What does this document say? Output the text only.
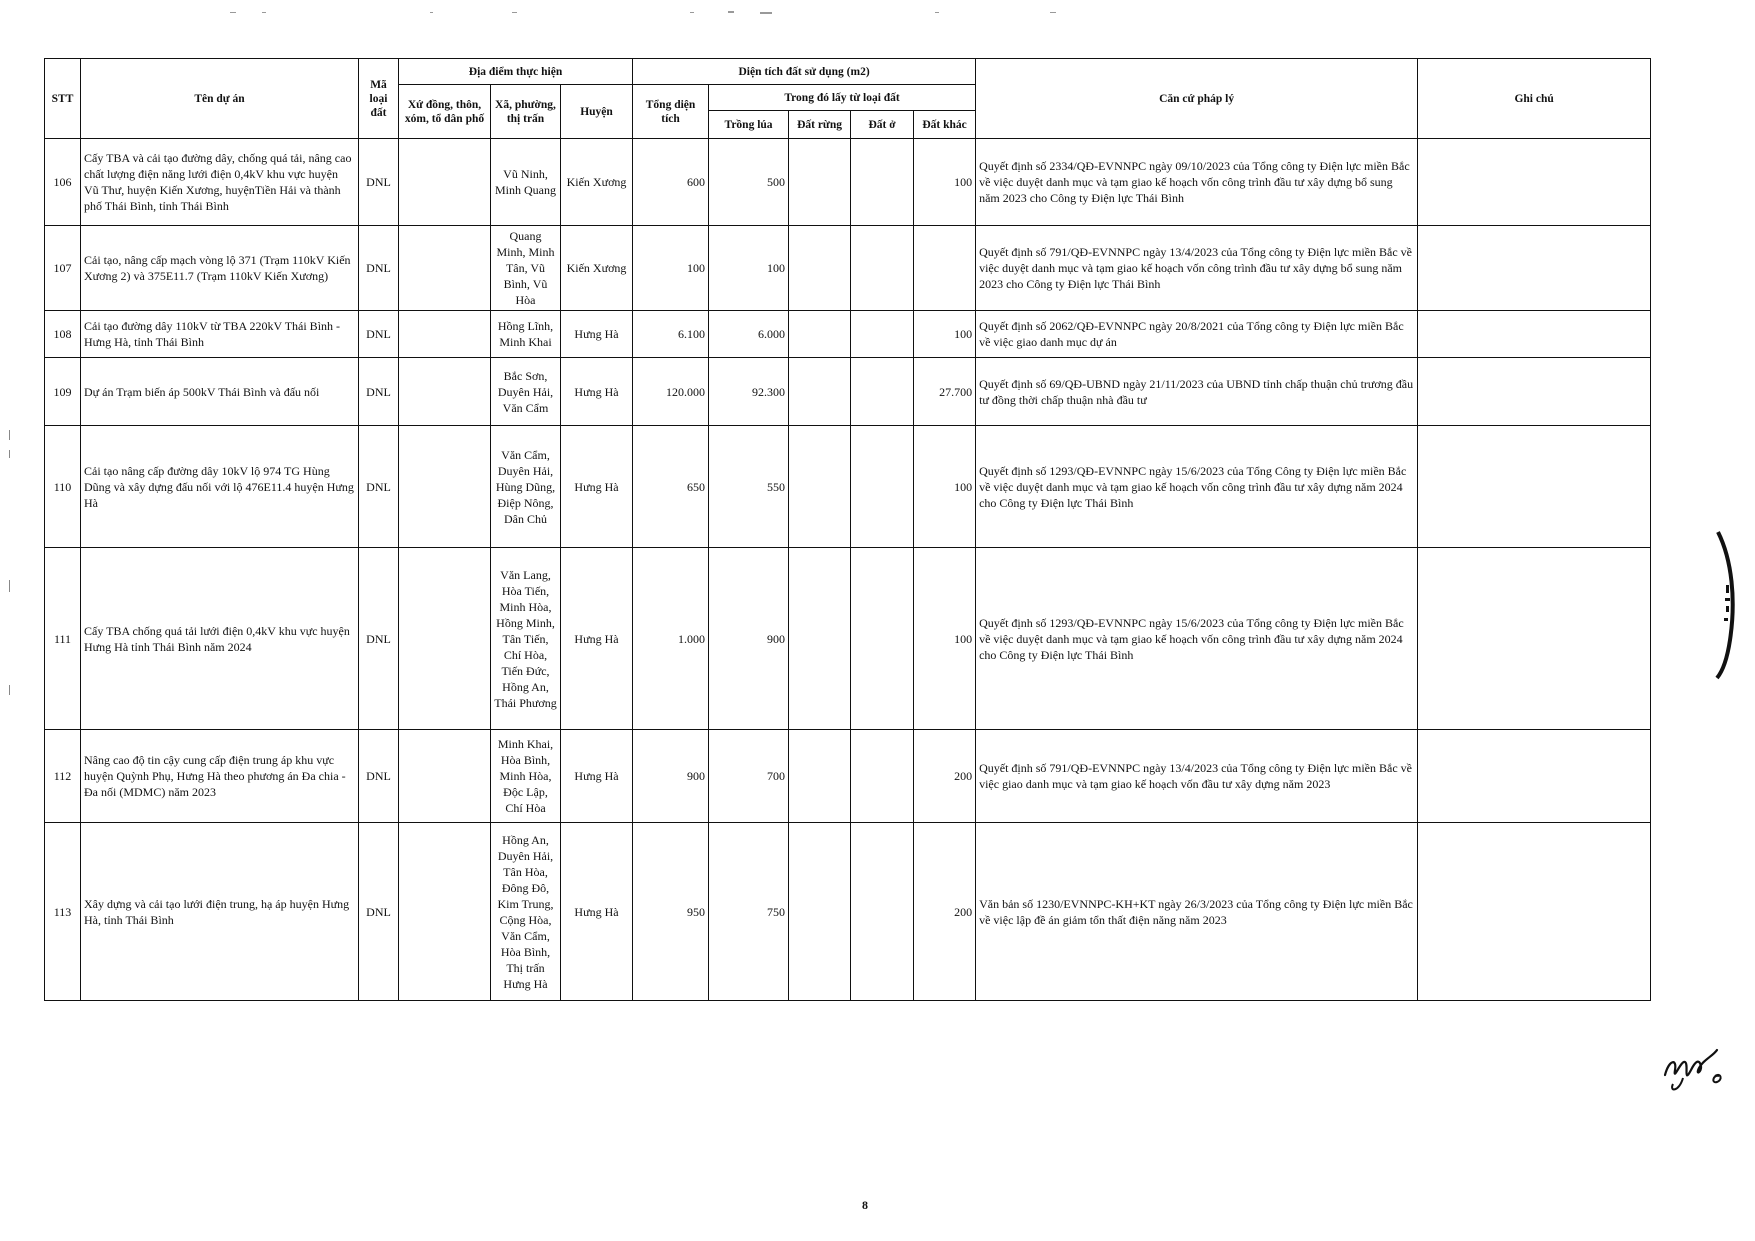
STT	Tên dự án	Mã loại đất	Địa điểm thực hiện			Diện tích đất sử dụng (m2)					Căn cứ pháp lý	Ghi chú
			Xứ đồng, thôn, xóm, tổ dân phố	Xã, phường, thị trấn	Huyện	Tổng diện tích	Trong đó lấy từ loại đất					
							Trồng lúa	Đất rừng	Đất ở	Đất khác		
106	Cấy TBA và cải tạo đường dây, chống quá tải, nâng cao chất lượng điện năng lưới điện 0,4kV khu vực huyện Vũ Thư, huyện Kiến Xương, huyệnTiền Hải và thành phố Thái Bình, tỉnh Thái Bình	DNL		Vũ Ninh, Minh Quang	Kiến Xương	600	500			100	Quyết định số 2334/QĐ-EVNNPC ngày 09/10/2023 của Tổng công ty Điện lực miền Bắc về việc duyệt danh mục và tạm giao kế hoạch vốn công trình đầu tư xây dựng bổ sung năm 2023 cho Công ty Điện lực Thái Bình	
107	Cải tạo, nâng cấp mạch vòng lộ 371 (Trạm 110kV Kiến Xương 2) và 375E11.7 (Trạm 110kV Kiến Xương)	DNL		Quang Minh, Minh Tân, Vũ Bình, Vũ Hòa	Kiến Xương	100	100				Quyết định số 791/QĐ-EVNNPC ngày 13/4/2023 của Tổng công ty Điện lực miền Bắc về việc duyệt danh mục và tạm giao kế hoạch vốn công trình đầu tư xây dựng bổ sung năm 2023 cho Công ty Điện lực Thái Bình	
108	Cải tạo đường dây 110kV từ TBA 220kV Thái Bình - Hưng Hà, tỉnh Thái Bình	DNL		Hồng Lĩnh, Minh Khai	Hưng Hà	6.100	6.000			100	Quyết định số 2062/QĐ-EVNNPC ngày 20/8/2021 của Tổng công ty Điện lực miền Bắc về việc giao danh mục dự án	
109	Dự án Trạm biến áp 500kV Thái Bình và đấu nối	DNL		Bắc Sơn, Duyên Hải, Văn Cẩm	Hưng Hà	120.000	92.300			27.700	Quyết định số 69/QĐ-UBND ngày 21/11/2023 của UBND tỉnh chấp thuận chủ trương đầu tư đồng thời chấp thuận nhà đầu tư	
110	Cải tạo nâng cấp đường dây 10kV lộ 974 TG Hùng Dũng và xây dựng đấu nối với lộ 476E11.4 huyện Hưng Hà	DNL		Văn Cẩm, Duyên Hải, Hùng Dũng, Điệp Nông, Dân Chủ	Hưng Hà	650	550			100	Quyết định số 1293/QĐ-EVNNPC ngày 15/6/2023 của Tổng Công ty Điện lực miền Bắc về việc duyệt danh mục và tạm giao kế hoạch vốn công trình đầu tư xây dựng năm 2024 cho Công ty Điện lực Thái Bình	
111	Cấy TBA chống quá tải lưới điện 0,4kV khu vực huyện Hưng Hà tỉnh Thái Bình năm 2024	DNL		Văn Lang, Hòa Tiến, Minh Hòa, Hồng Minh, Tân Tiến, Chí Hòa, Tiến Đức, Hồng An, Thái Phương	Hưng Hà	1.000	900			100	Quyết định số 1293/QĐ-EVNNPC ngày 15/6/2023 của Tổng công ty Điện lực miền Bắc về việc duyệt danh mục và tạm giao kế hoạch vốn công trình đầu tư xây dựng năm 2024 cho Công ty Điện lực Thái Bình	
112	Nâng cao độ tin cậy cung cấp điện trung áp khu vực huyện Quỳnh Phụ, Hưng Hà theo phương án Đa chia - Đa nối (MDMC) năm 2023	DNL		Minh Khai, Hòa Bình, Minh Hòa, Độc Lập, Chí Hòa	Hưng Hà	900	700			200	Quyết định số 791/QĐ-EVNNPC ngày 13/4/2023 của Tổng công ty Điện lực miền Bắc về việc giao danh mục và tạm giao kế hoạch vốn đầu tư xây dựng năm 2023	
113	Xây dựng và cải tạo lưới điện trung, hạ áp huyện Hưng Hà, tỉnh Thái Bình	DNL		Hồng An, Duyên Hải, Tân Hòa, Đông Đô, Kim Trung, Cộng Hòa, Văn Cẩm, Hòa Bình, Thị trấn Hưng Hà	Hưng Hà	950	750			200	Văn bản số 1230/EVNNPC-KH+KT ngày 26/3/2023 của Tổng công ty Điện lực miền Bắc về việc lập đề án giảm tổn thất điện năng năm 2023	
8
